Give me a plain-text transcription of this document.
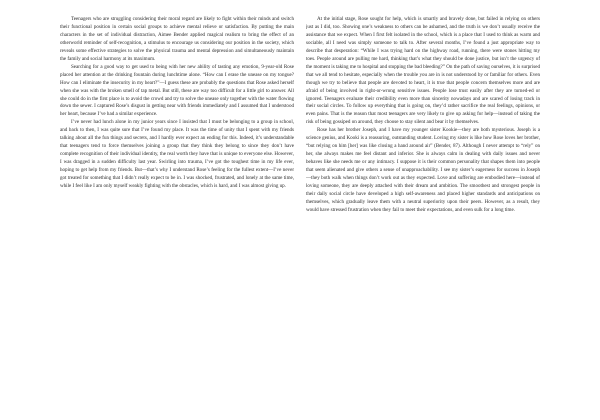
Teenagers who are struggling considering their moral regard are likely to fight within their minds and switch their functional position in certain social groups to achieve mental relieve or satisfaction. By putting the main characters in the set of individual distraction, Aimee Bender applied magical realism to bring the effect of an otherworld reminder of self-recognition, a stimulus to encourage us considering our position in the society, which reveals some effective strategies to solve the physical trauma and mental depression and simultaneously maintain the family and social harmony at its maximum.

Searching for a good way to get used to being with her new ability of tasting any emotion, 9-year-old Rose placed her attention at the drinking fountain during lunchtime alone. “How can I erase the unease on my tongue? How can I eliminate the insecurity in my heart?”—I guess these are probably the questions that Rose asked herself when she was with the broken smell of tap metal. But still, these are way too difficult for a little girl to answer. All she could do in the first place is to avoid the crowd and try to solve the unease only together with the water flowing down the sewer. I captured Rose’s disgust in getting near with friends immediately and I assumed that I understood her heart, because I’ve had a similar experience.

I’ve never had lunch alone in my junior years since I insisted that I must be belonging to a group in school, and back to then, I was quite sure that I’ve found my place. It was the time of unity that I spent with my friends talking about all the fun things and secrets, and I hardly ever expect an ending for this. Indeed, it’s understandable that teenagers tend to force themselves joining a group that they think they belong to since they don’t have complete recognition of their individual identity, the real worth they have that is unique to everyone else. However, I was dragged in a sudden difficulty last year. Swirling into trauma, I’ve got the toughest time in my life ever, hoping to get help from my friends. But—that’s why I understand Rose’s feeling for the fullest extent—I’ve never got treated for something that I didn’t really expect to be in. I was shocked, frustrated, and lonely at the same time, while I feel like I am only myself weakly fighting with the obstacles, which is hard, and I was almost giving up.

At the initial stage, Rose sought for help, which is smartly and bravely done, but failed in relying on others just as I did, too. Showing one’s weakness to others can be ashamed, and the truth is we don’t usually receive the assistance that we expect. When I first felt isolated in the school, which is a place that I used to think as warm and sociable, all I need was simply someone to talk to. After several months, I’ve found a just appropriate way to describe that desperation: “While I was trying hard on the highway road, running, there were stones hitting my toes. People around are pulling me hard, thinking that’s what they should be done justice, but isn’t the urgency of the moment is taking me to hospital and stopping the bad bleeding?” On the path of saving ourselves, it is surprised that we all tend to hesitate, especially when the trouble you are in is not understood by or familiar for others. Even though we try to believe that people are devoted to heart, it is true that people concern themselves more and are afraid of being involved in right-or-wrong sensitive issues. People lose trust easily after they are turned-ed or ignored. Teenagers evaluate their credibility even more than sincerity nowadays and are scared of losing track in their social circles. To follow up everything that is going on, they’d rather sacrifice the real feelings, opinions, or even pains. That is the reason that most teenagers are very likely to give up asking for help—instead of taking the risk of being gossiped on around, they choose to stay silent and bear it by themselves.

Rose has her brother Joseph, and I have my younger sister Kookie—they are both mysterious. Joseph is a science genius, and Kooki is a reassuring, outstanding student. Loving my sister is like how Rose loves her brother, “but relying on him [her] was like closing a hand around air” (Bender, 87). Although I never attempt to “rely” on her, she always makes me feel distant and inferior. She is always calm in dealing with daily issues and never behaves like she needs me or any intimacy. I suppose it is their common personality that shapes them into people that seem alienated and give others a sense of unapproachability. I see my sister’s eagerness for success in Joseph—they both walk when things don’t work out as they expected. Love and suffering are embodied here—instead of loving someone, they are deeply attached with their dream and ambition. The smoothest and strongest people in their daily social circle have developed a high self-awareness and placed higher standards and anticipations on themselves, which gradually leave them with a neutral superiority upon their peers. However, as a result, they would have stressed frustration when they fail to meet their expectations, and even sulk for a long time.
